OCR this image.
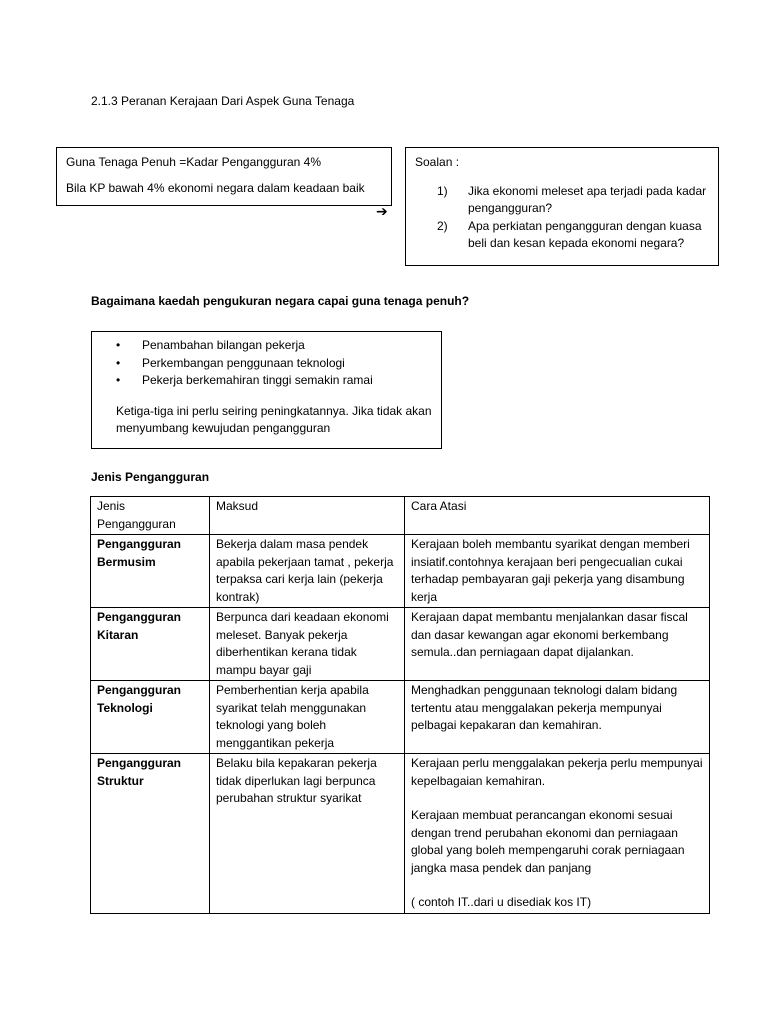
2.1.3 Peranan Kerajaan Dari Aspek Guna Tenaga

Guna Tenaga Penuh =Kadar Pengangguran 4%

Bila KP bawah 4% ekonomi negara dalam keadaan baik

➔

Soalan :

1)	Jika ekonomi meleset apa terjadi pada kadar pengangguran?
2)	Apa perkiatan pengangguran dengan kuasa beli dan kesan kepada ekonomi negara?
Bagaimana kaedah pengukuran negara capai guna tenaga penuh?
•	Penambahan bilangan pekerja
•	Perkembangan penggunaan teknologi
•	Pekerja berkemahiran tinggi semakin ramai

Ketiga-tiga ini perlu seiring peningkatannya. Jika tidak akan menyumbang kewujudan pengangguran

Jenis Pengangguran
Jenis Pengangguran	Maksud	Cara Atasi
Pengangguran Bermusim	Bekerja dalam masa pendek apabila pekerjaan tamat , pekerja terpaksa cari kerja lain (pekerja kontrak)	Kerajaan boleh membantu syarikat dengan memberi insiatif.contohnya kerajaan beri pengecualian cukai terhadap pembayaran gaji pekerja yang disambung kerja

Pengangguran Kitaran	Berpunca dari keadaan ekonomi meleset. Banyak pekerja diberhentikan kerana tidak mampu bayar gaji	Kerajaan dapat membantu menjalankan dasar fiscal dan dasar kewangan agar ekonomi berkembang semula..dan perniagaan dapat dijalankan.

Pengangguran Teknologi	Pemberhentian kerja apabila syarikat telah menggunakan teknologi yang boleh menggantikan pekerja	Menghadkan penggunaan teknologi dalam bidang tertentu atau menggalakan pekerja mempunyai pelbagai kepakaran dan kemahiran.

Pengangguran Struktur	Belaku bila kepakaran pekerja tidak diperlukan lagi berpunca perubahan struktur syarikat	Kerajaan perlu menggalakan pekerja perlu mempunyai kepelbagaian kemahiran.

Kerajaan membuat perancangan ekonomi sesuai dengan trend perubahan ekonomi dan perniagaan global yang boleh mempengaruhi corak perniagaan jangka masa pendek dan panjang

( contoh IT..dari u disediak kos IT)
